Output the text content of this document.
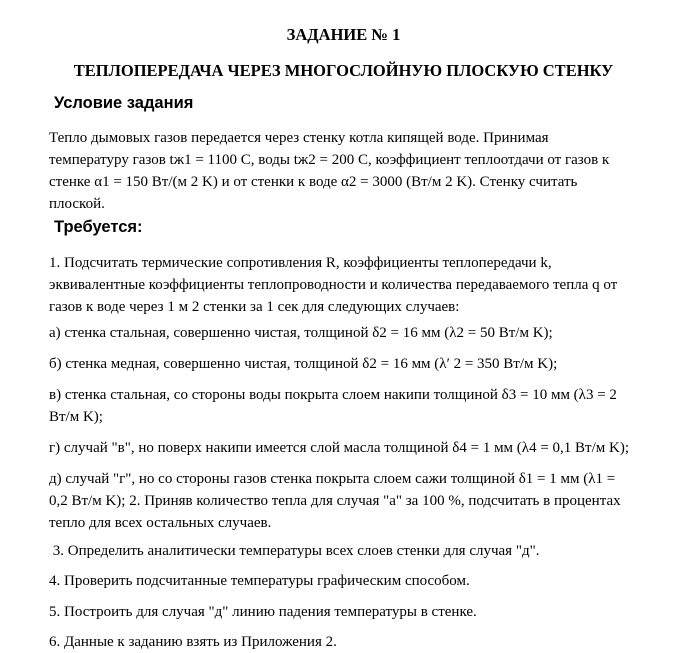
ЗАДАНИЕ № 1
ТЕПЛОПЕРЕДАЧА ЧЕРЕЗ МНОГОСЛОЙНУЮ ПЛОСКУЮ СТЕНКУ
Условие задания
Тепло дымовых газов передается через стенку котла кипящей воде. Принимая
температуру газов tж1 = 1100 C, воды tж2 = 200 C, коэффициент теплоотдачи от газов к
стенке α1 = 150 Вт/(м 2 K) и от стенки к воде α2 = 3000 (Вт/м 2 K). Стенку считать
плоской.
Требуется:
1. Подсчитать термические сопротивления R, коэффициенты теплопередачи k,
эквивалентные коэффициенты теплопроводности и количества передаваемого тепла q от
газов к воде через 1 м 2 стенки за 1 сек для следующих случаев:
а) стенка стальная, совершенно чистая, толщиной δ2 = 16 мм (λ2 = 50 Вт/м K);
б) стенка медная, совершенно чистая, толщиной δ2 = 16 мм (λ′ 2 = 350 Вт/м K);
в) стенка стальная, со стороны воды покрыта слоем накипи толщиной δ3 = 10 мм (λ3 = 2
Вт/м K);
г) случай "в", но поверх накипи имеется слой масла толщиной δ4 = 1 мм (λ4 = 0,1 Вт/м K);
д) случай "г", но со стороны газов стенка покрыта слоем сажи толщиной δ1 = 1 мм (λ1 =
0,2 Вт/м K); 2. Приняв количество тепла для случая "а" за 100 %, подсчитать в процентах
тепло для всех остальных случаев.
3. Определить аналитически температуры всех слоев стенки для случая "д".
4. Проверить подсчитанные температуры графическим способом.
5. Построить для случая "д" линию падения температуры в стенке.
6. Данные к заданию взять из Приложения 2.
